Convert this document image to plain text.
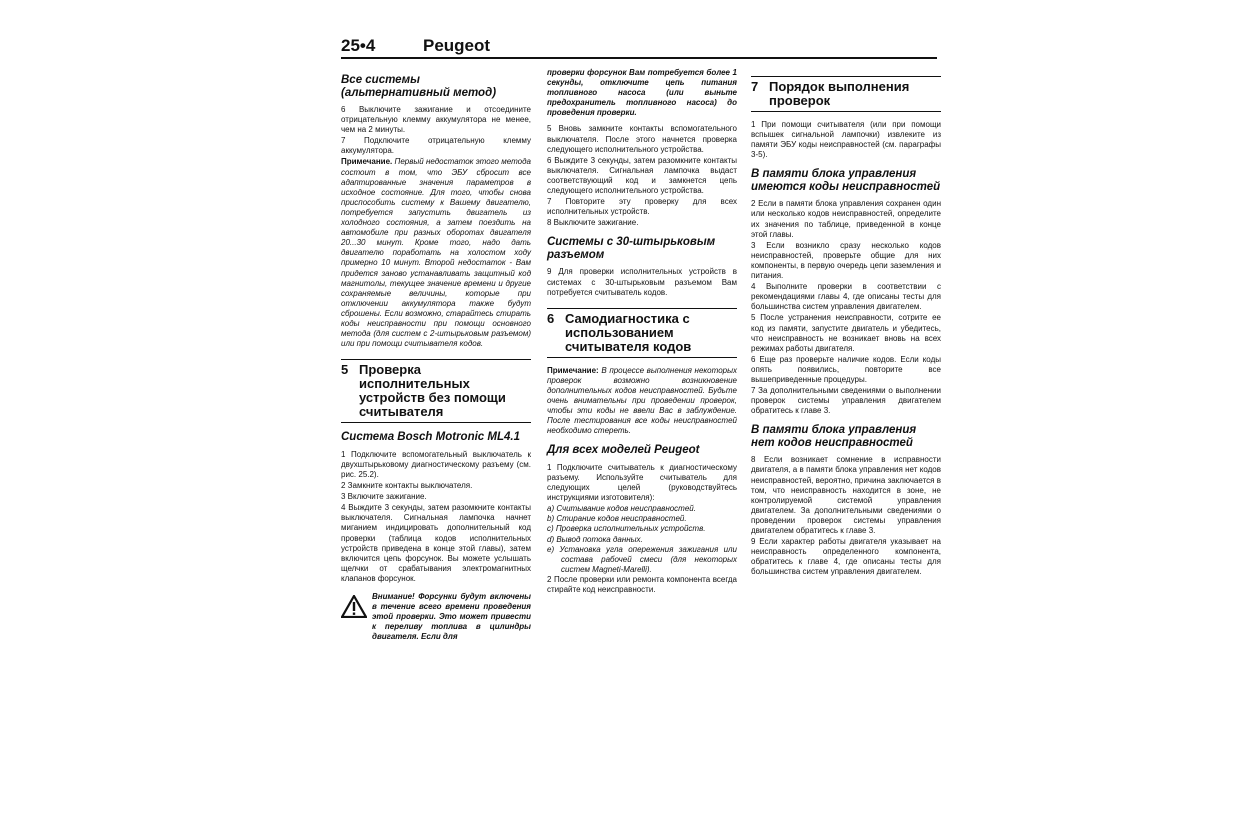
25•4	Peugeot
Все системы (альтернативный метод)

6 Выключите зажигание и отсоедините отрицательную клемму аккумулятора не менее, чем на 2 минуты.

7 Подключите отрицательную клемму аккумулятора.

Примечание. Первый недостаток этого метода состоит в том, что ЭБУ сбросит все адаптированные значения параметров в исходное состояние. Для того, чтобы снова приспособить систему к Вашему двигателю, потребуется запустить двигатель из холодного состояния, а затем поездить на автомобиле при разных оборотах двигателя 20...30 минут. Кроме того, надо дать двигателю поработать на холостом ходу примерно 10 минут. Второй недостаток - Вам придется заново устанавливать защитный код магнитолы, текущее значение времени и другие сохраняемые величины, которые при отключении аккумулятора также будут сброшены. Если возможно, старайтесь стирать коды неисправности при помощи основного метода (для систем с 2-штырьковым разъемом) или при помощи считывателя кодов.

5 Проверка исполнительных устройств без помощи считывателя
Система Bosch Motronic ML4.1

1 Подключите вспомогательный выключатель к двухштырьковому диагностическому разъему (см. рис. 25.2).

2 Замкните контакты выключателя.

3 Включите зажигание.

4 Выждите 3 секунды, затем разомкните контакты выключателя. Сигнальная лампочка начнет миганием индицировать дополнительный код проверки (таблица кодов исполнительных устройств приведена в конце этой главы), затем включится цепь форсунок. Вы можете услышать щелчки от срабатывания электромагнитных клапанов форсунок.

Внимание! Форсунки будут включены в течение всего времени проведения этой проверки. Это может привести к переливу топлива в цилиндры двигателя. Если для

проверки форсунок Вам потребуется более 1 секунды, отключите цепь питания топливного насоса (или выньте предохранитель топливного насоса) до проведения проверки.

5 Вновь замкните контакты вспомогательного выключателя. После этого начнется проверка следующего исполнительного устройства.

6 Выждите 3 секунды, затем разомкните контакты выключателя. Сигнальная лампочка выдаст соответствующий код и замкнется цепь следующего исполнительного устройства.

7 Повторите эту проверку для всех исполнительных устройств.

8 Выключите зажигание.

Системы с 30-штырьковым разъемом

9 Для проверки исполнительных устройств в системах с 30-штырьковым разъемом Вам потребуется считыватель кодов.

6 Самодиагностика с использованием считывателя кодов

Примечание: В процессе выполнения некоторых проверок возможно возникновение дополнительных кодов неисправностей. Будьте очень внимательны при проведении проверок, чтобы эти коды не ввели Вас в заблуждение. После тестирования все коды неисправностей необходимо стереть.

Для всех моделей Peugeot

1 Подключите считыватель к диагностическому разъему. Используйте считыватель для следующих целей (руководствуйтесь инструкциями изготовителя):

a) Считывание кодов неисправностей.
b) Стирание кодов неисправностей.
c) Проверка исполнительных устройств.
d) Вывод потока данных.
e) Установка угла опережения зажигания или состава рабочей смеси (для некоторых систем Magneti-Marelli).

2 После проверки или ремонта компонента всегда стирайте код неисправности.

7 Порядок выполнения проверок

1 При помощи считывателя (или при помощи вспышек сигнальной лампочки) извлеките из памяти ЭБУ коды неисправностей (см. параграфы 3-5).

В памяти блока управления имеются коды неисправностей

2 Если в памяти блока управления сохранен один или несколько кодов неисправностей, определите их значения по таблице, приведенной в конце этой главы.

3 Если возникло сразу несколько кодов неисправностей, проверьте общие для них компоненты, в первую очередь цепи заземления и питания.

4 Выполните проверки в соответствии с рекомендациями главы 4, где описаны тесты для большинства систем управления двигателем.

5 После устранения неисправности, сотрите ее код из памяти, запустите двигатель и убедитесь, что неисправность не возникает вновь на всех режимах работы двигателя.

6 Еще раз проверьте наличие кодов. Если коды опять появились, повторите все вышеприведенные процедуры.

7 За дополнительными сведениями о выполнении проверок системы управления двигателем обратитесь к главе 3.

В памяти блока управления нет кодов неисправностей

8 Если возникает сомнение в исправности двигателя, а в памяти блока управления нет кодов неисправностей, вероятно, причина заключается в том, что неисправность находится в зоне, не контролируемой системой управления двигателем. За дополнительными сведениями о проведении проверок системы управления двигателем обратитесь к главе 3.

9 Если характер работы двигателя указывает на неисправность определенного компонента, обратитесь к главе 4, где описаны тесты для большинства систем управления двигателем.
